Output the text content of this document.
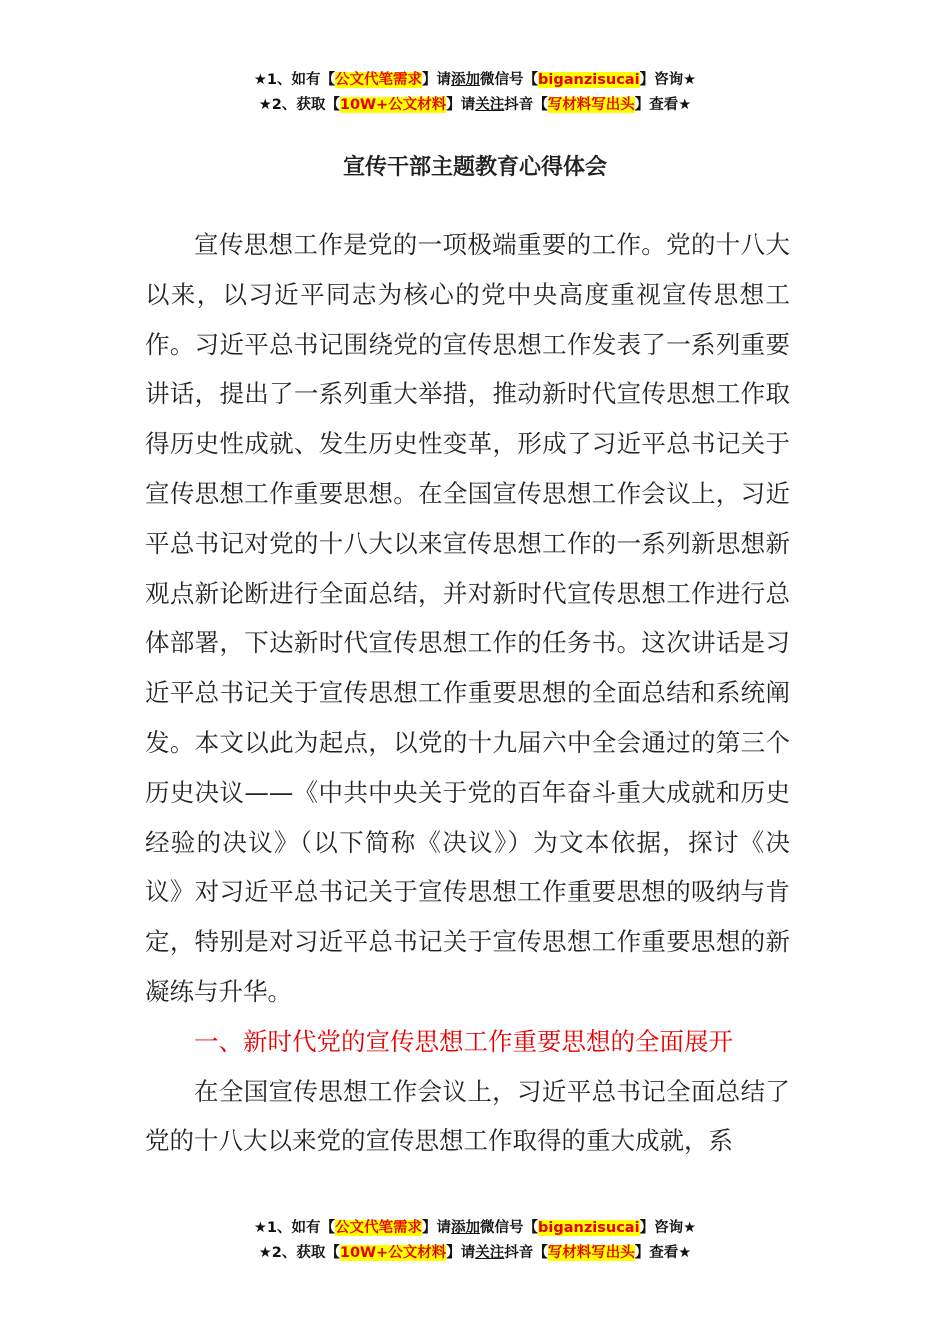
★1、如有【公文代笔需求】请添加微信号【biganzisucai】咨询★
★2、获取【10W+公文材料】请关注抖音【写材料写出头】查看★
宣传干部主题教育心得体会

宣传思想工作是党的一项极端重要的工作。党的十八大以来，以习近平同志为核心的党中央高度重视宣传思想工作。习近平总书记围绕党的宣传思想工作发表了一系列重要讲话，提出了一系列重大举措，推动新时代宣传思想工作取得历史性成就、发生历史性变革，形成了习近平总书记关于宣传思想工作重要思想。在全国宣传思想工作会议上，习近平总书记对党的十八大以来宣传思想工作的一系列新思想新观点新论断进行全面总结，并对新时代宣传思想工作进行总体部署，下达新时代宣传思想工作的任务书。这次讲话是习近平总书记关于宣传思想工作重要思想的全面总结和系统阐发。本文以此为起点，以党的十九届六中全会通过的第三个历史决议——《中共中央关于党的百年奋斗重大成就和历史经验的决议》（以下简称《决议》）为文本依据，探讨《决议》对习近平总书记关于宣传思想工作重要思想的吸纳与肯定，特别是对习近平总书记关于宣传思想工作重要思想的新凝练与升华。

一、新时代党的宣传思想工作重要思想的全面展开

在全国宣传思想工作会议上，习近平总书记全面总结了党的十八大以来党的宣传思想工作取得的重大成就，系

★1、如有【公文代笔需求】请添加微信号【biganzisucai】咨询★
★2、获取【10W+公文材料】请关注抖音【写材料写出头】查看★
